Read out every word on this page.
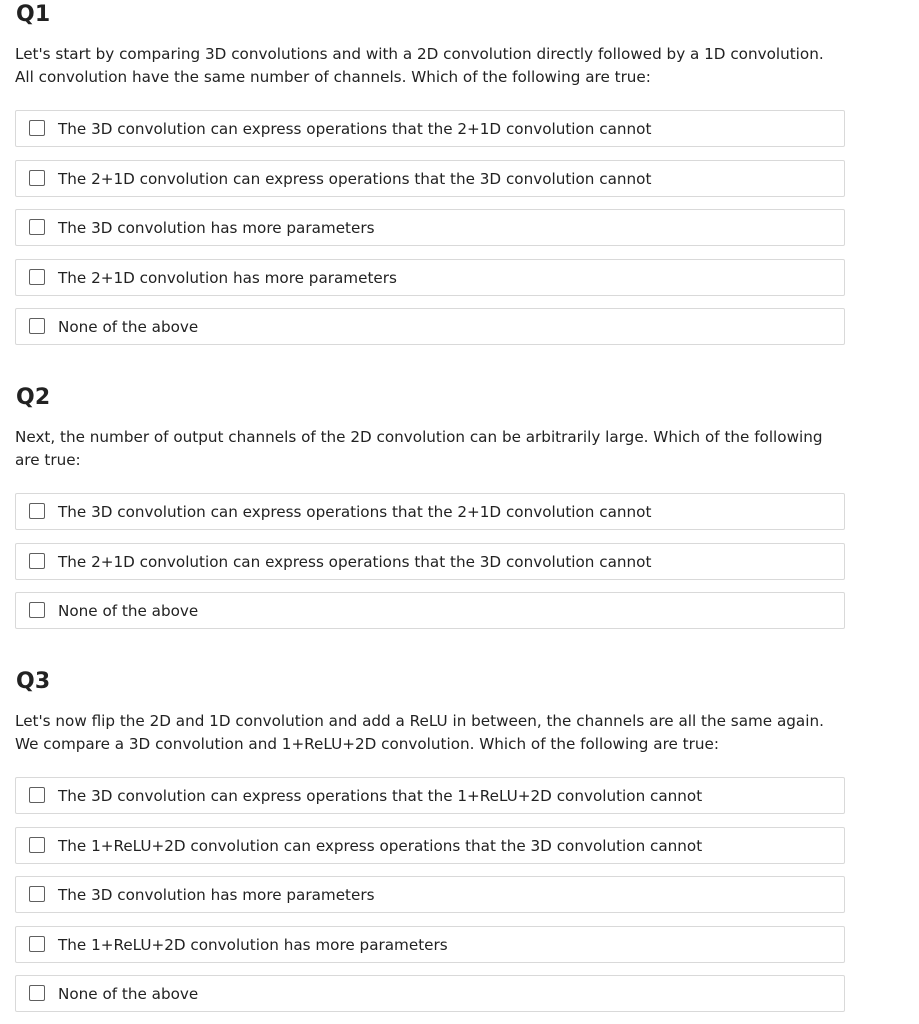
Q1
Let's start by comparing 3D convolutions and with a 2D convolution directly followed by a 1D convolution. All convolution have the same number of channels. Which of the following are true:
The 3D convolution can express operations that the 2+1D convolution cannot
The 2+1D convolution can express operations that the 3D convolution cannot
The 3D convolution has more parameters
The 2+1D convolution has more parameters
None of the above
Q2
Next, the number of output channels of the 2D convolution can be arbitrarily large. Which of the following are true:
The 3D convolution can express operations that the 2+1D convolution cannot
The 2+1D convolution can express operations that the 3D convolution cannot
None of the above
Q3
Let's now flip the 2D and 1D convolution and add a ReLU in between, the channels are all the same again. We compare a 3D convolution and 1+ReLU+2D convolution. Which of the following are true:
The 3D convolution can express operations that the 1+ReLU+2D convolution cannot
The 1+ReLU+2D convolution can express operations that the 3D convolution cannot
The 3D convolution has more parameters
The 1+ReLU+2D convolution has more parameters
None of the above
